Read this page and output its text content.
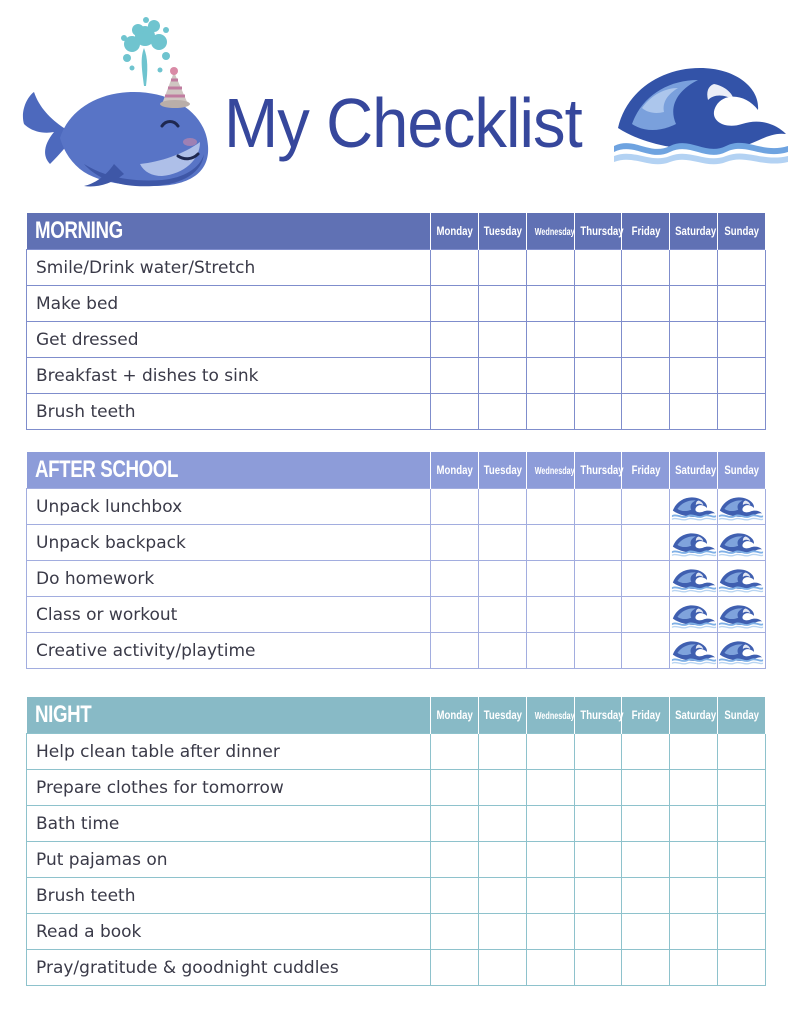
My Checklist
MORNING	Monday	Tuesday	Wednesday	Thursday	Friday	Saturday	Sunday
Smile/Drink water/Stretch							
Make bed							
Get dressed							
Breakfast + dishes to sink							
Brush teeth							
AFTER SCHOOL	Monday	Tuesday	Wednesday	Thursday	Friday	Saturday	Sunday
Unpack lunchbox						

Unpack backpack						

Do homework						

Class or workout						

Creative activity/playtime						

NIGHT	Monday	Tuesday	Wednesday	Thursday	Friday	Saturday	Sunday
Help clean table after dinner							
Prepare clothes for tomorrow							
Bath time							
Put pajamas on							
Brush teeth							
Read a book							
Pray/gratitude & goodnight cuddles							
